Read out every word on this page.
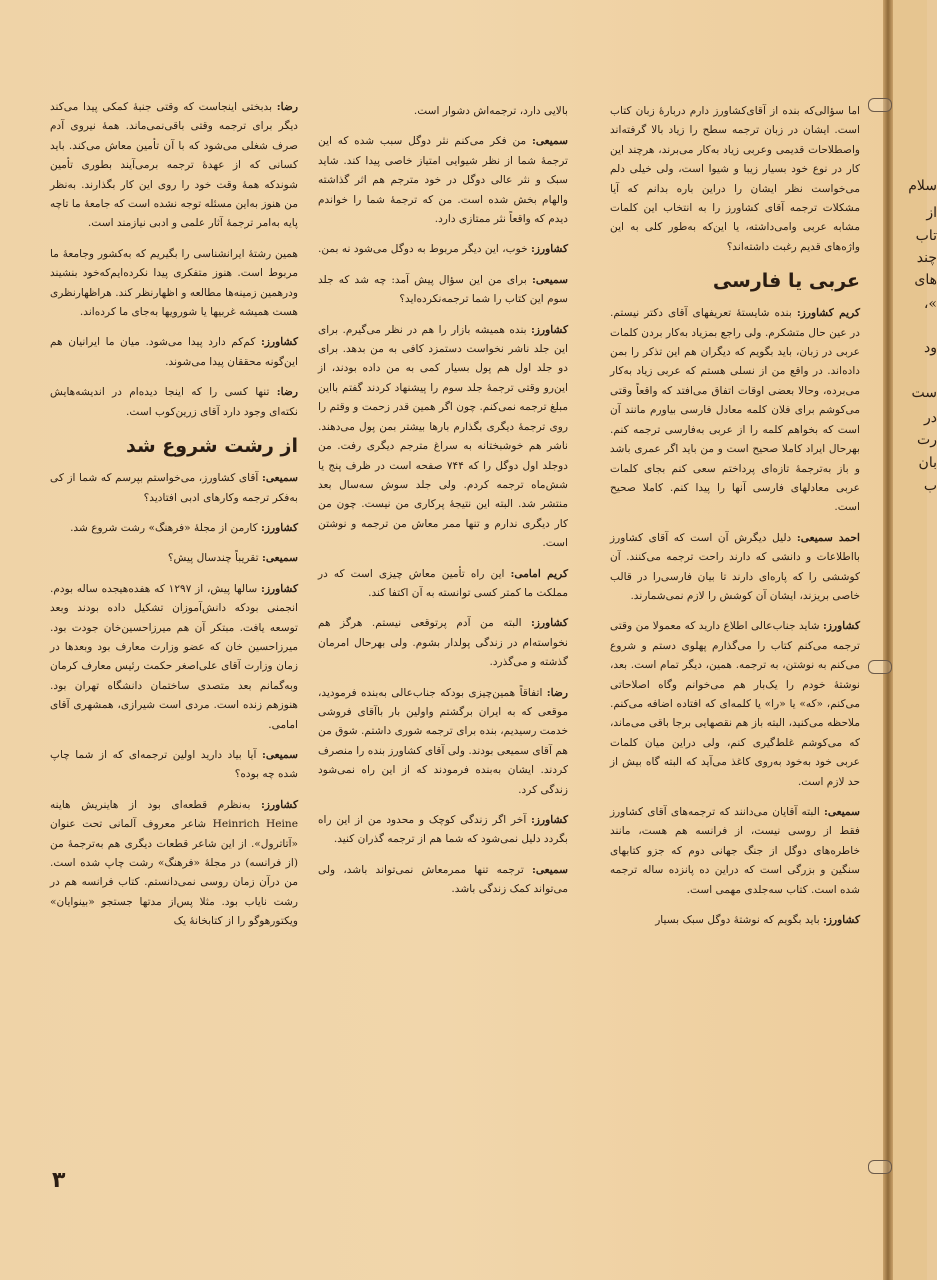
سلام
از
تاب
چند
های
»،
ود
ست
در
رت
بان
ب

اما سؤالی‌که بنده از آقای‌کشاورز دارم دربارهٔ زبان کتاب است. ایشان در زبان ترجمه سطح را زیاد بالا گرفته‌اند واصطلاحات قدیمی وعربی زیاد به‌کار می‌برند، هرچند این کار در نوع خود بسیار زیبا و شیوا است، ولی خیلی دلم می‌خواست نظر ایشان را دراین باره بدانم که آیا مشکلات ترجمه آقای کشاورز را به انتخاب این کلمات مشابه عربی وامی‌داشته، یا این‌که به‌طور کلی به این واژه‌های قدیم رغبت داشته‌اند؟

عربی یا فارسی

کریم کشاورز: بنده شایستهٔ تعریفهای آقای دکتر نیستم. در عین حال متشکرم. ولی راجع بمزیاد به‌کار بردن کلمات عربی در زبان، باید بگویم که دیگران هم این تذکر را بمن داده‌اند. در واقع من از نسلی هستم که عربی زیاد به‌کار می‌برده، وحالا بعضی اوقات اتفاق می‌افتد که واقعاً وقتی می‌کوشم برای فلان کلمه معادل فارسی بیاورم مانند آن است که بخواهم کلمه را از عربی به‌فارسی ترجمه کنم. بهرحال ایراد کاملا صحیح است و من باید اگر عمری باشد و باز به‌ترجمهٔ تازه‌ای پرداختم سعی کنم بجای کلمات عربی معادلهای فارسی آنها را پیدا کنم. کاملا صحیح است.

احمد سمیعی: دلیل دیگرش آن است که آقای کشاورز بااطلاعات و دانشی که دارند راحت ترجمه می‌کنند. آن کوششی را که پاره‌ای دارند تا بیان فارسی‌را در قالب خاصی بریزند، ایشان آن کوشش را لازم نمی‌شمارند.

کشاورز: شاید جناب‌عالی اطلاع دارید که معمولا من وقتی ترجمه می‌کنم کتاب را می‌گذارم پهلوی دستم و شروع می‌کنم به نوشتن، به ترجمه. همین، دیگر تمام است. بعد، نوشتهٔ خودم را یک‌بار هم می‌خوانم وگاه اصلاحاتی می‌کنم، «که» یا «را» یا کلمه‌ای که افتاده اضافه می‌کنم. ملاحظه می‌کنید، البته باز هم نقصهایی برجا باقی می‌ماند، که می‌کوشم غلط‌گیری کنم، ولی دراین میان کلمات عربی خود به‌خود به‌روی کاغذ می‌آید که البته گاه بیش از حد لازم است.

سمیعی: البته آقایان می‌دانند که ترجمه‌های آقای کشاورز فقط از روسی نیست، از فرانسه هم هست، مانند خاطره‌های دوگل از جنگ جهانی دوم که جزو کتابهای سنگین و بزرگی است که دراین ده پانزده ساله ترجمه شده است. کتاب سه‌جلدی مهمی است.

کشاورز: باید بگویم که نوشتهٔ دوگل سبک بسیار

بالایی دارد، ترجمه‌اش دشوار است.

سمیعی: من فکر می‌کنم نثر دوگل سبب شده که این ترجمهٔ شما از نظر شیوایی امتیاز خاصی پیدا کند. شاید سبک و نثر عالی دوگل در خود مترجم هم اثر گذاشته والهام بخش شده است. من که ترجمهٔ شما را خواندم دیدم که واقعاً نثر ممتازی دارد.

کشاورز: خوب، این دیگر مربوط به دوگل می‌شود نه بمن.

سمیعی: برای من این سؤال پیش آمد: چه شد که جلد سوم این کتاب را شما ترجمه‌نکرده‌اید؟

کشاورز: بنده همیشه بازار را هم در نظر می‌گیرم. برای این جلد ناشر نخواست دستمزد کافی به من بدهد. برای دو جلد اول هم پول بسیار کمی به من داده بودند، از این‌رو وقتی ترجمهٔ جلد سوم را پیشنهاد کردند گفتم بااین مبلغ ترجمه نمی‌کنم. چون اگر همین قدر زحمت و وقتم را روی ترجمهٔ دیگری بگذارم بارها بیشتر بمن پول می‌دهند. ناشر هم خوشبختانه به سراغ مترجم دیگری رفت. من دوجلد اول دوگل را که ۷۴۴ صفحه است در ظرف پنج یا شش‌ماه ترجمه کردم. ولی جلد سوش سه‌سال بعد منتشر شد. البته این نتیجهٔ پرکاری من نیست. چون من کار دیگری ندارم و تنها ممر معاش من ترجمه و نوشتن است.

کریم امامی: این راه تأمین معاش چیزی است که در مملکت ما کمتر کسی توانسته به آن اکتفا کند.

کشاورز: البته من آدم پرتوقعی نیستم. هرگز هم نخواسته‌ام در زندگی پولدار بشوم. ولی بهرحال امرمان گذشته و می‌گذرد.

رضا: اتفاقاً همین‌چیزی بودکه جناب‌عالی به‌بنده فرمودید، موقعی که به ایران برگشتم واولین بار باآقای فروشی خدمت رسیدیم، بنده برای ترجمه شوری داشتم. شوق من هم آقای سمیعی بودند. ولی آقای کشاورز بنده را منصرف کردند. ایشان به‌بنده فرمودند که از این راه نمی‌شود زندگی کرد.

کشاورز: آخر اگر زندگی کوچک و محدود من از این راه بگردد دلیل نمی‌شود که شما هم از ترجمه گذران کنید.

سمیعی: ترجمه تنها ممرمعاش نمی‌تواند باشد، ولی می‌تواند کمک زندگی باشد.

رضا: بدبختی اینجاست که وقتی جنبهٔ کمکی پیدا می‌کند دیگر برای ترجمه وقتی باقی‌نمی‌ماند. همهٔ نیروی آدم صرف شغلی می‌شود که با آن تأمین معاش می‌کند. باید کسانی که از عهدهٔ ترجمه برمی‌آیند بطوری تأمین شوندکه همهٔ وقت خود را روی این کار بگذارند. به‌نظر من هنوز به‌این مسئله توجه نشده است که جامعهٔ ما تاچه پایه به‌امر ترجمهٔ آثار علمی و ادبی نیازمند است.

همین رشتهٔ ایرانشناسی را بگیریم که به‌کشور وجامعهٔ ما مربوط است. هنوز متفکری پیدا نکرده‌ایم‌که‌خود بنشیند ودرهمین زمینه‌ها مطالعه و اظهارنظر کند. هراظهارنظری هست همیشه غربیها یا شورویها به‌جای ما کرده‌اند.

کشاورز: کم‌کم دارد پیدا می‌شود. میان ما ایرانیان هم این‌گونه محققان پیدا می‌شوند.

رضا: تنها کسی را که اینجا دیده‌ام در اندیشه‌هایش نکته‌ای وجود دارد آقای زرین‌کوب است.

از رشت شروع شد

سمیعی: آقای کشاورز، می‌خواستم بپرسم که شما از کی به‌فکر ترجمه وکارهای ادبی افتادید؟

کشاورز: کارمن از مجلهٔ «فرهنگ» رشت شروع شد.

سمیعی: تقریباً چندسال پیش؟

کشاورز: سالها پیش، از ۱۲۹۷ که هفده‌هیجده ساله بودم. انجمنی بودکه دانش‌آموزان تشکیل داده بودند وبعد توسعه یافت. مبتکر آن هم میرزاحسین‌خان جودت بود. میرزاحسین خان که عضو وزارت معارف بود وبعدها در زمان وزارت آقای علی‌اصغر حکمت رئیس معارف کرمان وبه‌گمانم بعد متصدی ساختمان دانشگاه تهران بود. هنوزهم زنده است. مردی است شیرازی، همشهری آقای امامی.

سمیعی: آیا بیاد دارید اولین ترجمه‌ای که از شما چاپ شده چه بوده؟

کشاورز: به‌نظرم قطعه‌ای بود از هاینریش هاینه Heinrich Heine شاعر معروف آلمانی تحت عنوان «آتاترول». از این شاعر قطعات دیگری هم به‌ترجمهٔ من (از فرانسه) در مجلهٔ «فرهنگ» رشت چاپ شده است. من درآن زمان روسی نمی‌دانستم. کتاب فرانسه هم در رشت نایاب بود. مثلا پس‌از مدتها جستجو «بینوایان» ویکتورهوگو را از کتابخانهٔ یک

۳
